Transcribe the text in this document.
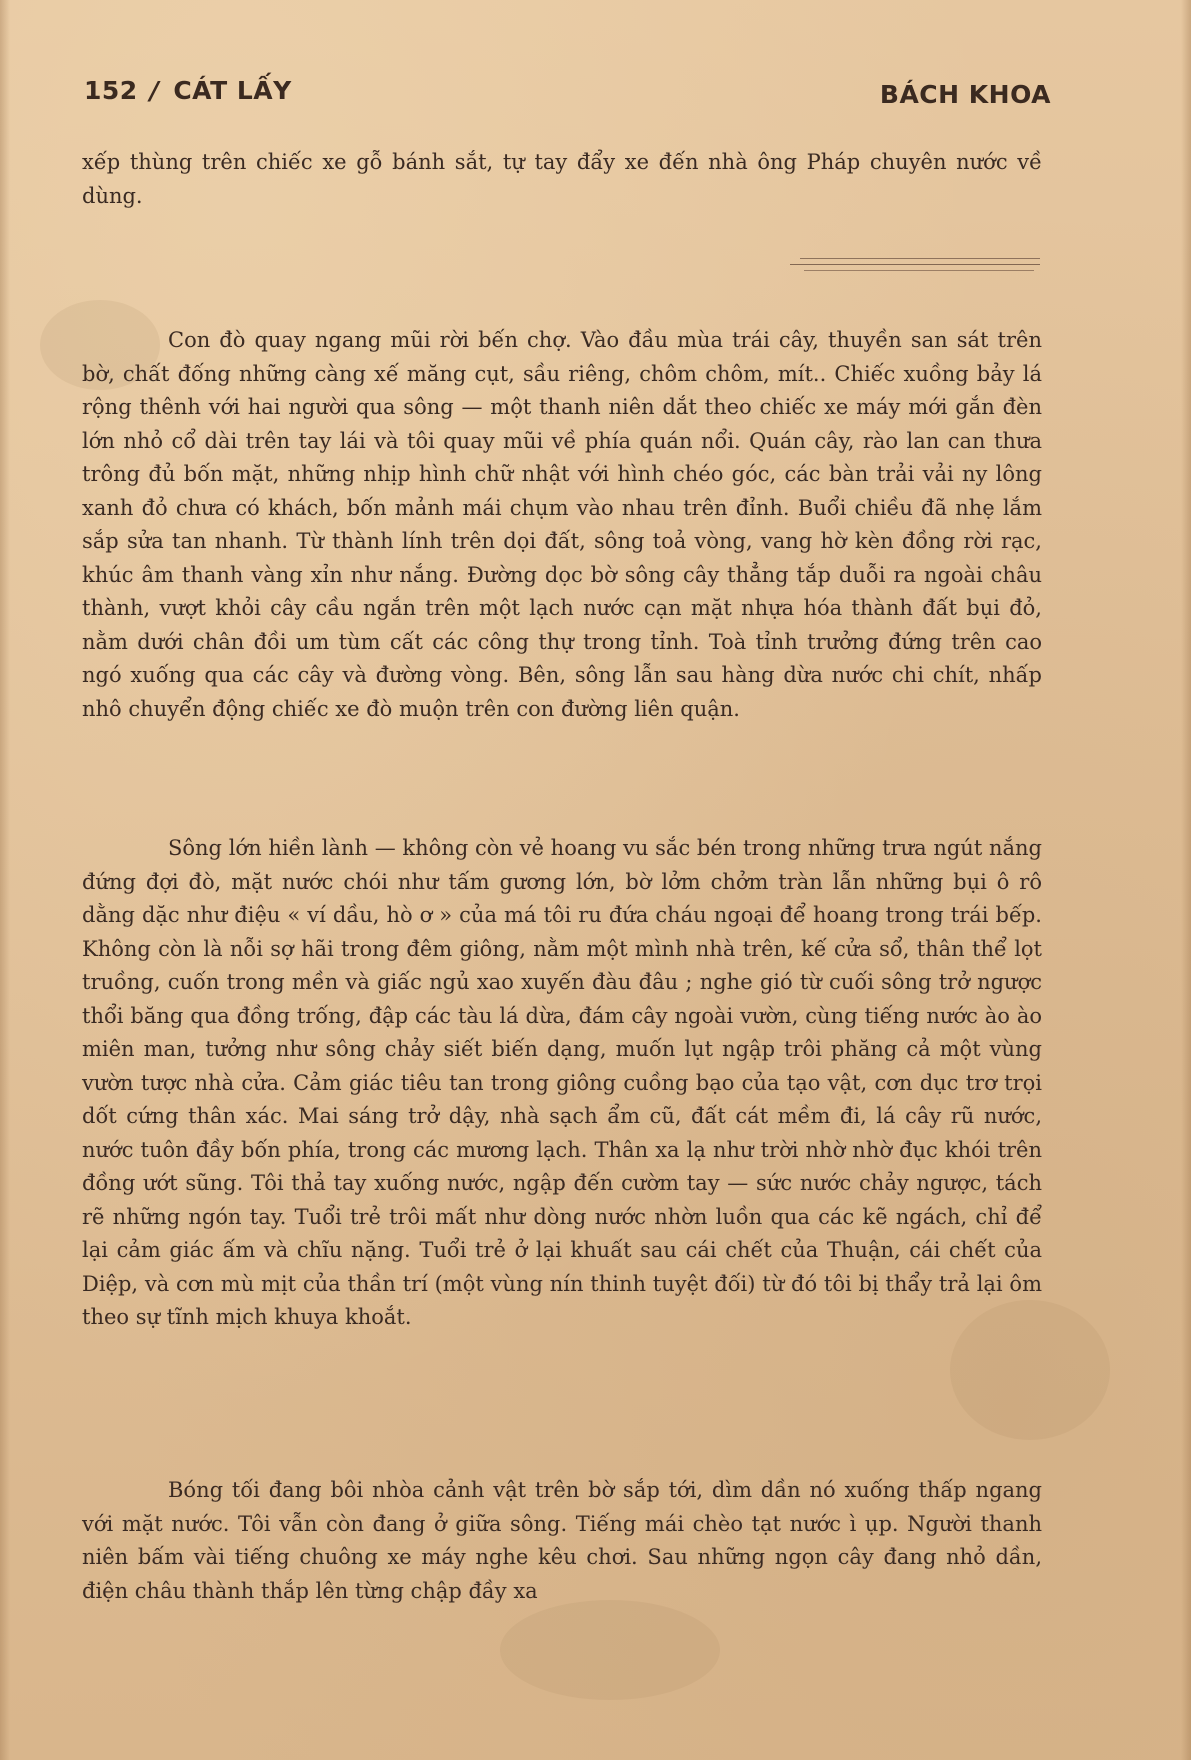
152 / CÁT LẤY	BÁCH KHOA

xếp thùng trên chiếc xe gỗ bánh sắt, tự tay đẩy xe đến nhà ông Pháp chuyên nước về dùng.

Con đò quay ngang mũi rời bến chợ. Vào đầu mùa trái cây, thuyền san sát trên bờ, chất đống những càng xế măng cụt, sầu riêng, chôm chôm, mít.. Chiếc xuồng bảy lá rộng thênh với hai người qua sông — một thanh niên dắt theo chiếc xe máy mới gắn đèn lớn nhỏ cổ dài trên tay lái và tôi quay mũi về phía quán nổi. Quán cây, rào lan can thưa trông đủ bốn mặt, những nhịp hình chữ nhật với hình chéo góc, các bàn trải vải ny lông xanh đỏ chưa có khách, bốn mảnh mái chụm vào nhau trên đỉnh. Buổi chiều đã nhẹ lắm sắp sửa tan nhanh. Từ thành lính trên dọi đất, sông toả vòng, vang hờ kèn đồng rời rạc, khúc âm thanh vàng xỉn như nắng. Đường dọc bờ sông cây thẳng tắp duỗi ra ngoài châu thành, vượt khỏi cây cầu ngắn trên một lạch nước cạn mặt nhựa hóa thành đất bụi đỏ, nằm dưới chân đồi um tùm cất các công thự trong tỉnh. Toà tỉnh trưởng đứng trên cao ngó xuống qua các cây và đường vòng. Bên, sông lẫn sau hàng dừa nước chi chít, nhấp nhô chuyển động chiếc xe đò muộn trên con đường liên quận.

Sông lớn hiền lành — không còn vẻ hoang vu sắc bén trong những trưa ngút nắng đứng đợi đò, mặt nước chói như tấm gương lớn, bờ lởm chởm tràn lẫn những bụi ô rô dằng dặc như điệu « ví dầu, hò ơ » của má tôi ru đứa cháu ngoại để hoang trong trái bếp. Không còn là nỗi sợ hãi trong đêm giông, nằm một mình nhà trên, kế cửa sổ, thân thể lọt truồng, cuốn trong mền và giấc ngủ xao xuyến đàu đâu ; nghe gió từ cuối sông trở ngược thổi băng qua đồng trống, đập các tàu lá dừa, đám cây ngoài vườn, cùng tiếng nước ào ào miên man, tưởng như sông chảy siết biến dạng, muốn lụt ngập trôi phăng cả một vùng vườn tược nhà cửa. Cảm giác tiêu tan trong giông cuồng bạo của tạo vật, cơn dục trơ trọi dốt cứng thân xác. Mai sáng trở dậy, nhà sạch ẩm cũ, đất cát mềm đi, lá cây rũ nước, nước tuôn đầy bốn phía, trong các mương lạch. Thân xa lạ như trời nhờ nhờ đục khói trên đồng ướt sũng. Tôi thả tay xuống nước, ngập đến cườm tay — sức nước chảy ngược, tách rẽ những ngón tay. Tuổi trẻ trôi mất như dòng nước nhờn luồn qua các kẽ ngách, chỉ để lại cảm giác ấm và chĩu nặng. Tuổi trẻ ở lại khuất sau cái chết của Thuận, cái chết của Diệp, và cơn mù mịt của thần trí (một vùng nín thinh tuyệt đối) từ đó tôi bị thẩy trả lại ôm theo sự tĩnh mịch khuya khoắt.

Bóng tối đang bôi nhòa cảnh vật trên bờ sắp tới, dìm dần nó xuống thấp ngang với mặt nước. Tôi vẫn còn đang ở giữa sông. Tiếng mái chèo tạt nước ì ụp. Người thanh niên bấm vài tiếng chuông xe máy nghe kêu chơi. Sau những ngọn cây đang nhỏ dần, điện châu thành thắp lên từng chập đầy xa
